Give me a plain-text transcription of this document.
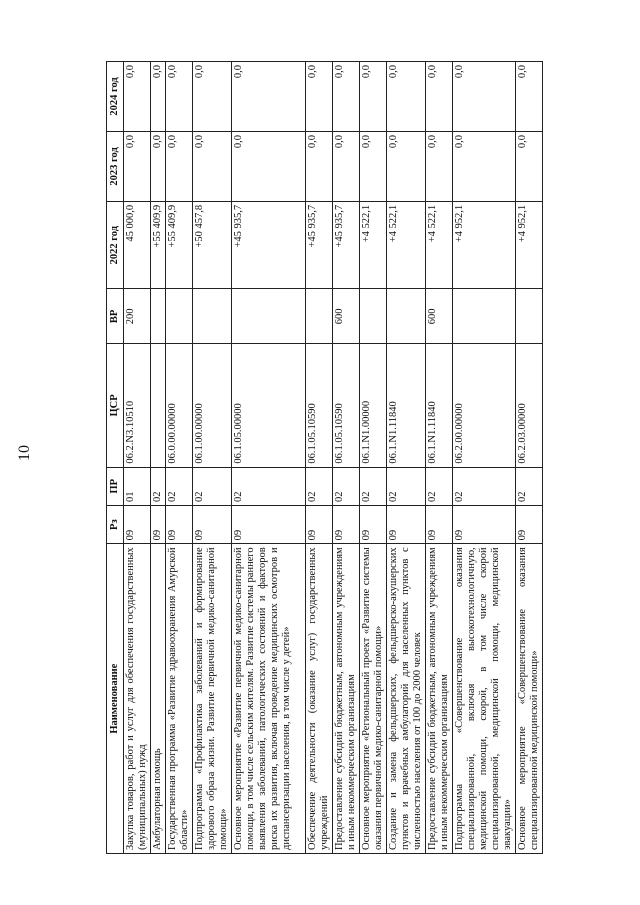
10
Наименование	Рз	ПР	ЦСР	ВР	2022 год	2023 год	2024 год
Закупка товаров, работ и услуг для обеспечения государственных (муниципальных) нужд	09	01	06.2.N3.10510	200	45 000,0	0,0	0,0
Амбулаторная помощь	09	02			+55 409,9	0,0	0,0
Государственная программа «Развитие здравоохранения Амурской области»	09	02	06.0.00.00000		+55 409,9	0,0	0,0
Подпрограмма «Профилактика заболеваний и формирование здорового образа жизни. Развитие первичной медико-санитарной помощи»	09	02	06.1.00.00000		+50 457,8	0,0	0,0
Основное мероприятие «Развитие первичной медико-санитарной помощи, в том числе сельским жителям. Развитие системы раннего выявления заболеваний, патологических состояний и факторов риска их развития, включая проведение медицинских осмотров и диспансеризации населения, в том числе у детей»	09	02	06.1.05.00000		+45 935,7	0,0	0,0
Обеспечение деятельности (оказание услуг) государственных учреждений	09	02	06.1.05.10590		+45 935,7	0,0	0,0
Предоставление субсидий бюджетным, автономным учреждениям и иным некоммерческим организациям	09	02	06.1.05.10590	600	+45 935,7	0,0	0,0
Основное мероприятие «Региональный проект «Развитие системы оказания первичной медико-санитарной помощи»	09	02	06.1.N1.00000		+4 522,1	0,0	0,0
Создание и замена фельдшерских, фельдшерско-акушерских пунктов и врачебных амбулаторий для населенных пунктов с численностью населения от 100 до 2000 человек	09	02	06.1.N1.11840		+4 522,1	0,0	0,0
Предоставление субсидий бюджетным, автономным учреждениям и иным некоммерческим организациям	09	02	06.1.N1.11840	600	+4 522,1	0,0	0,0
Подпрограмма «Совершенствование оказания специализированной, включая высокотехнологичную, медицинской помощи, скорой, в том числе скорой специализированной, медицинской помощи, медицинской эвакуации»	09	02	06.2.00.00000		+4 952,1	0,0	0,0
Основное мероприятие «Совершенствование оказания специализированной медицинской помощи»	09	02	06.2.03.00000		+4 952,1	0,0	0,0
